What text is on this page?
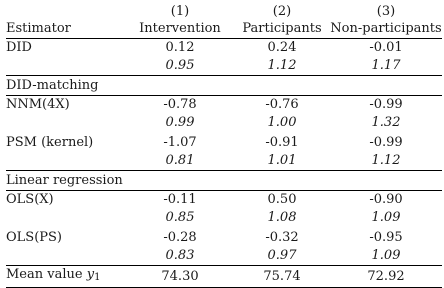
	(1)	(2)	(3)
Estimator	Intervention	Participants	Non-participants
DID	0.12	0.24	-0.01
	0.95	1.12	1.17
DID-matching			
NNM(4X)	-0.78	-0.76	-0.99
	0.99	1.00	1.32
PSM (kernel)	-1.07	-0.91	-0.99
	0.81	1.01	1.12
Linear regression			
OLS(X)	-0.11	0.50	-0.90
	0.85	1.08	1.09
OLS(PS)	-0.28	-0.32	-0.95
	0.83	0.97	1.09
Mean value $y_1$	74.30	75.74	72.92
